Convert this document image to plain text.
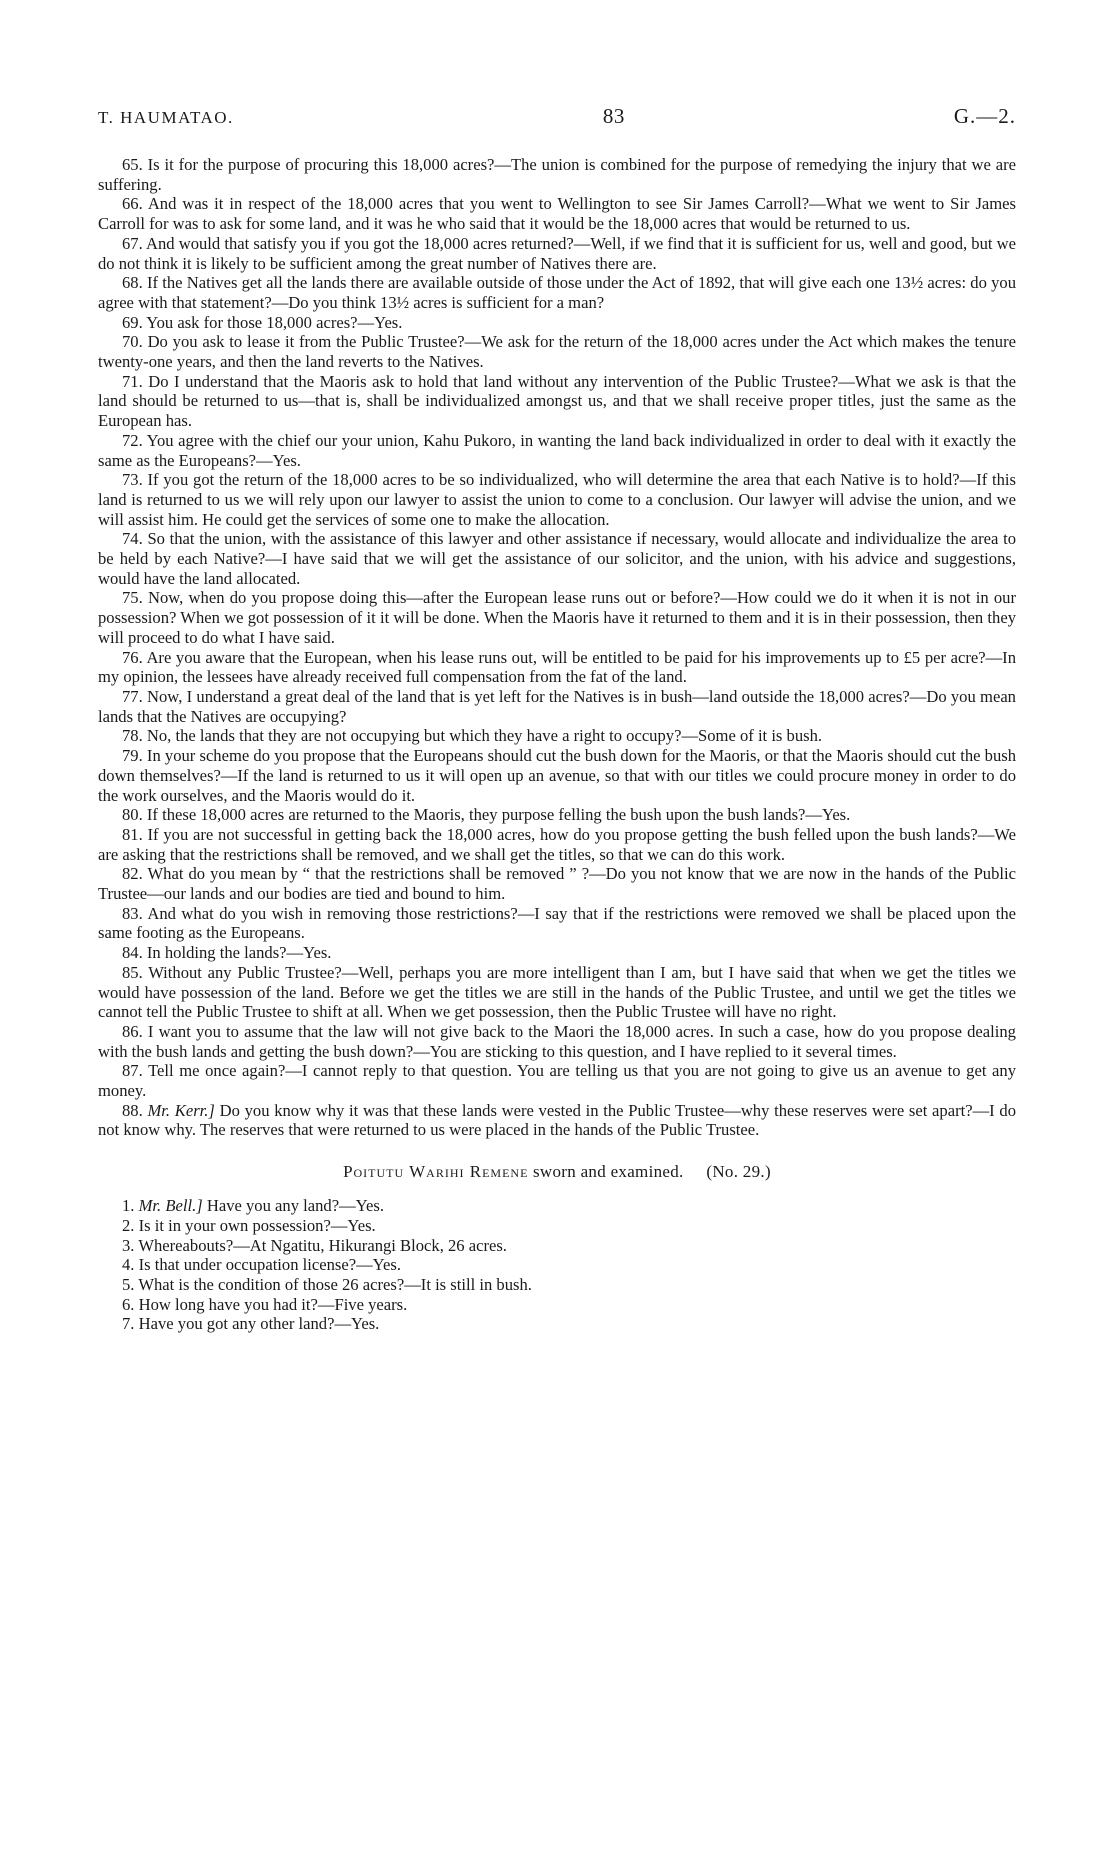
T. HAUMATAO.	83	G.—2.

65. Is it for the purpose of procuring this 18,000 acres?—The union is combined for the purpose of remedying the injury that we are suffering.

66. And was it in respect of the 18,000 acres that you went to Wellington to see Sir James Carroll?—What we went to Sir James Carroll for was to ask for some land, and it was he who said that it would be the 18,000 acres that would be returned to us.

67. And would that satisfy you if you got the 18,000 acres returned?—Well, if we find that it is sufficient for us, well and good, but we do not think it is likely to be sufficient among the great number of Natives there are.

68. If the Natives get all the lands there are available outside of those under the Act of 1892, that will give each one 13½ acres: do you agree with that statement?—Do you think 13½ acres is sufficient for a man?

69. You ask for those 18,000 acres?—Yes.

70. Do you ask to lease it from the Public Trustee?—We ask for the return of the 18,000 acres under the Act which makes the tenure twenty-one years, and then the land reverts to the Natives.

71. Do I understand that the Maoris ask to hold that land without any intervention of the Public Trustee?—What we ask is that the land should be returned to us—that is, shall be individualized amongst us, and that we shall receive proper titles, just the same as the European has.

72. You agree with the chief our your union, Kahu Pukoro, in wanting the land back individualized in order to deal with it exactly the same as the Europeans?—Yes.

73. If you got the return of the 18,000 acres to be so individualized, who will determine the area that each Native is to hold?—If this land is returned to us we will rely upon our lawyer to assist the union to come to a conclusion. Our lawyer will advise the union, and we will assist him. He could get the services of some one to make the allocation.

74. So that the union, with the assistance of this lawyer and other assistance if necessary, would allocate and individualize the area to be held by each Native?—I have said that we will get the assistance of our solicitor, and the union, with his advice and suggestions, would have the land allocated.

75. Now, when do you propose doing this—after the European lease runs out or before?—How could we do it when it is not in our possession? When we got possession of it it will be done. When the Maoris have it returned to them and it is in their possession, then they will proceed to do what I have said.

76. Are you aware that the European, when his lease runs out, will be entitled to be paid for his improvements up to £5 per acre?—In my opinion, the lessees have already received full compensation from the fat of the land.

77. Now, I understand a great deal of the land that is yet left for the Natives is in bush—land outside the 18,000 acres?—Do you mean lands that the Natives are occupying?

78. No, the lands that they are not occupying but which they have a right to occupy?—Some of it is bush.

79. In your scheme do you propose that the Europeans should cut the bush down for the Maoris, or that the Maoris should cut the bush down themselves?—If the land is returned to us it will open up an avenue, so that with our titles we could procure money in order to do the work ourselves, and the Maoris would do it.

80. If these 18,000 acres are returned to the Maoris, they purpose felling the bush upon the bush lands?—Yes.

81. If you are not successful in getting back the 18,000 acres, how do you propose getting the bush felled upon the bush lands?—We are asking that the restrictions shall be removed, and we shall get the titles, so that we can do this work.

82. What do you mean by “ that the restrictions shall be removed ” ?—Do you not know that we are now in the hands of the Public Trustee—our lands and our bodies are tied and bound to him.

83. And what do you wish in removing those restrictions?—I say that if the restrictions were removed we shall be placed upon the same footing as the Europeans.

84. In holding the lands?—Yes.

85. Without any Public Trustee?—Well, perhaps you are more intelligent than I am, but I have said that when we get the titles we would have possession of the land. Before we get the titles we are still in the hands of the Public Trustee, and until we get the titles we cannot tell the Public Trustee to shift at all. When we get possession, then the Public Trustee will have no right.

86. I want you to assume that the law will not give back to the Maori the 18,000 acres. In such a case, how do you propose dealing with the bush lands and getting the bush down?—You are sticking to this question, and I have replied to it several times.

87. Tell me once again?—I cannot reply to that question. You are telling us that you are not going to give us an avenue to get any money.

88. Mr. Kerr.] Do you know why it was that these lands were vested in the Public Trustee—why these reserves were set apart?—I do not know why. The reserves that were returned to us were placed in the hands of the Public Trustee.

Poitutu Warihi Remene sworn and examined. (No. 29.)

1. Mr. Bell.] Have you any land?—Yes.

2. Is it in your own possession?—Yes.

3. Whereabouts?—At Ngatitu, Hikurangi Block, 26 acres.

4. Is that under occupation license?—Yes.

5. What is the condition of those 26 acres?—It is still in bush.

6. How long have you had it?—Five years.

7. Have you got any other land?—Yes.
